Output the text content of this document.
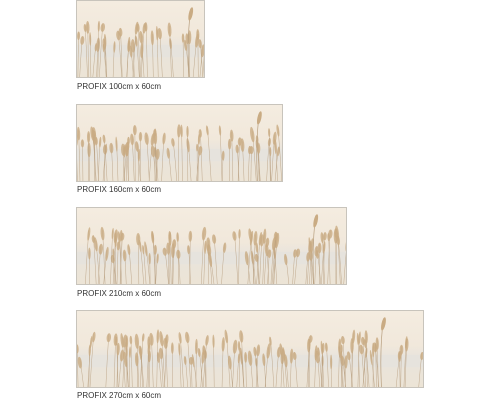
PROFIX 100cm x 60cm
PROFIX 160cm x 60cm
PROFIX 210cm x 60cm
PROFIX 270cm x 60cm
